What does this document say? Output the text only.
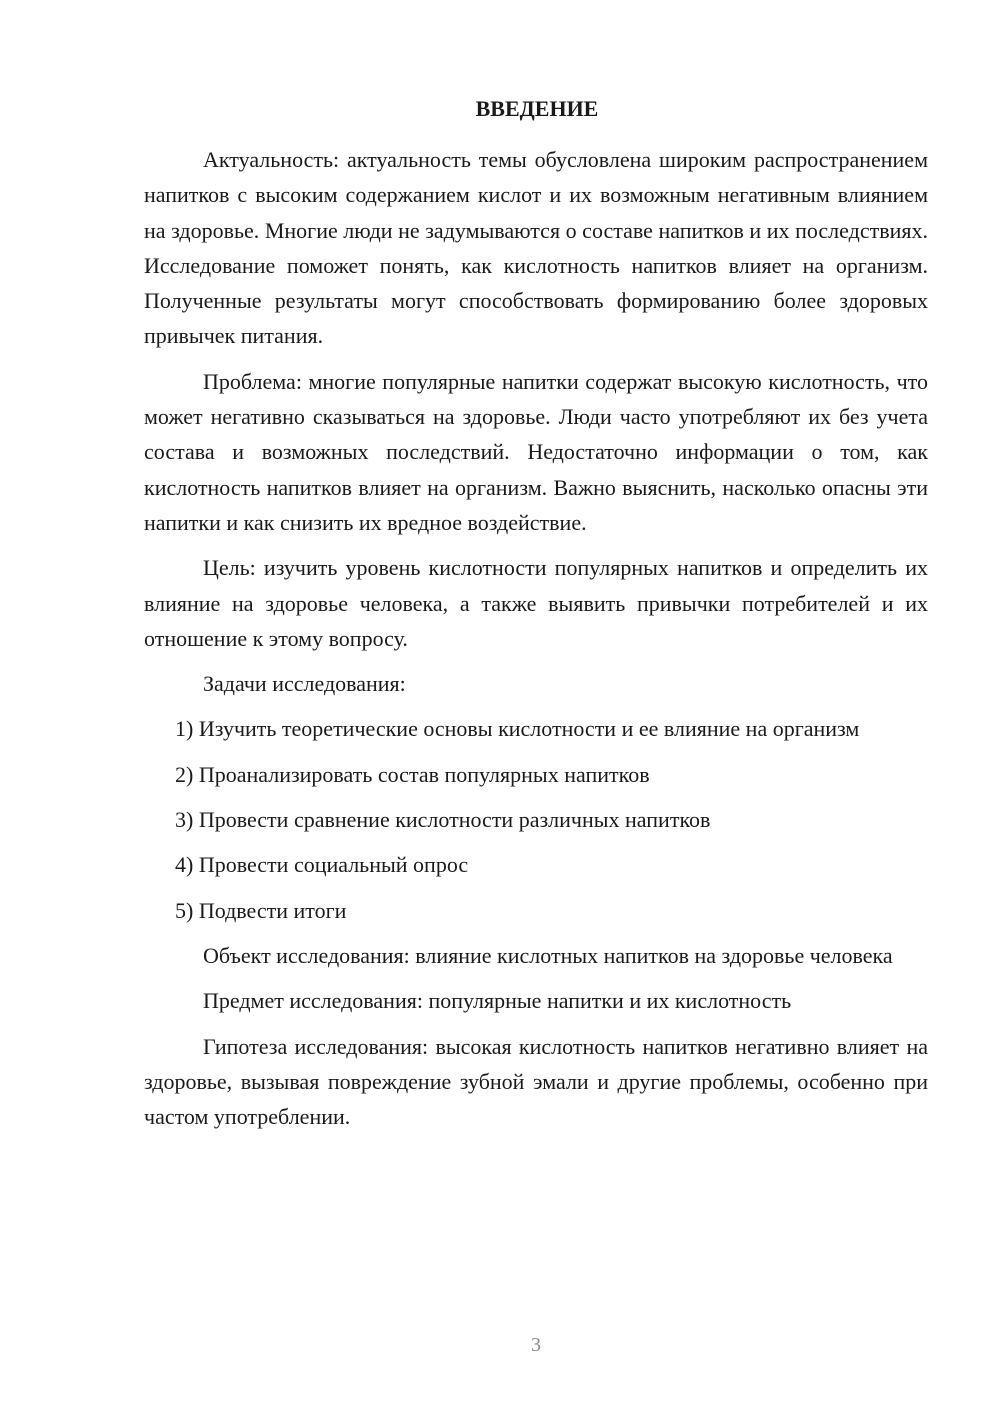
ВВЕДЕНИЕ

Актуальность: актуальность темы обусловлена широким распространением напитков с высоким содержанием кислот и их возможным негативным влиянием на здоровье. Многие люди не задумываются о составе напитков и их последствиях. Исследование поможет понять, как кислотность напитков влияет на организм. Полученные результаты могут способствовать формированию более здоровых привычек питания.

Проблема: многие популярные напитки содержат высокую кислотность, что может негативно сказываться на здоровье. Люди часто употребляют их без учета состава и возможных последствий. Недостаточно информации о том, как кислотность напитков влияет на организм. Важно выяснить, насколько опасны эти напитки и как снизить их вредное воздействие.

Цель: изучить уровень кислотности популярных напитков и определить их влияние на здоровье человека, а также выявить привычки потребителей и их отношение к этому вопросу.

Задачи исследования:

1) Изучить теоретические основы кислотности и ее влияние на организм

2) Проанализировать состав популярных напитков

3) Провести сравнение кислотности различных напитков

4) Провести социальный опрос

5) Подвести итоги

Объект исследования: влияние кислотных напитков на здоровье человека

Предмет исследования: популярные напитки и их кислотность

Гипотеза исследования: высокая кислотность напитков негативно влияет на здоровье, вызывая повреждение зубной эмали и другие проблемы, особенно при частом употреблении.

3
